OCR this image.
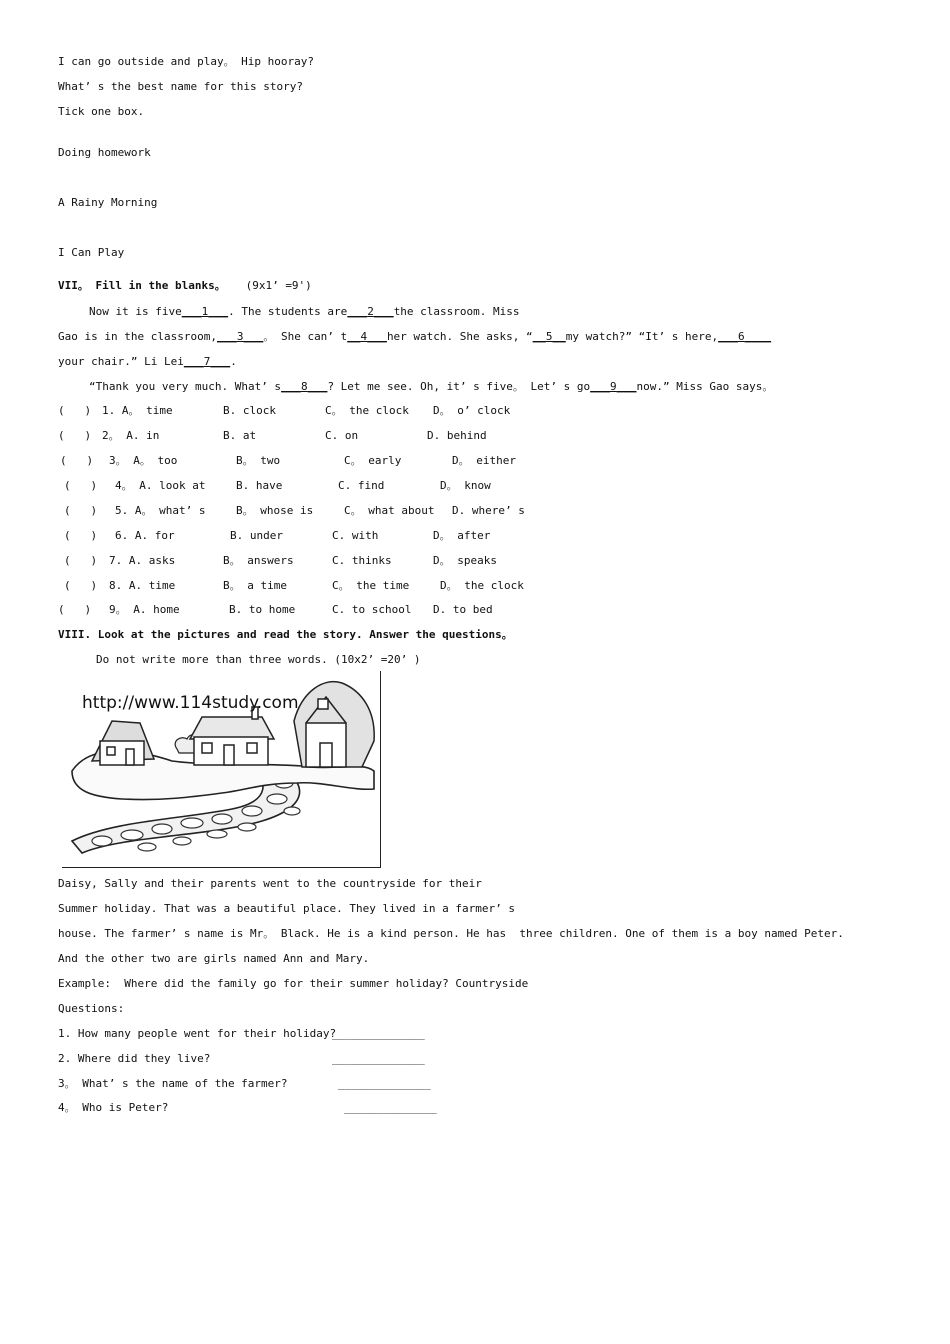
I can go outside and play。 Hip hooray?
What’ s the best name for this story?
Tick one box.
Doing homework
A Rainy Morning
I Can Play
VII。 Fill in the blanks。 (9x1’ =9')
Now it is five___1___. The students are___2___the classroom. Miss
Gao is in the classroom,___3___。 She can’ t__4___her watch. She asks, “__5__my watch?” “It’ s here,___6____
your chair.” Li Lei___7___.
“Thank you very much. What’ s___8___? Let me see. Oh, it’ s five。 Let’ s go___9___now.” Miss Gao says。
(   ) 1. A。 time	B. clock	C。 the clock D。 o’ clock
(   ) 2。 A. in	B. at	C. on	D. behind
(   ) 3。 A。 too	B。 two	C。 early	D。 either
(   ) 4。 A. look at	B. have	C. find	D。 know
(   ) 5. A。 what’ s	B。 whose is	C。 what about D. where’ s
(   ) 6. A. for	B. under	C. with	D。 after
(   ) 7. A. asks	B。 answers	C. thinks	D。 speaks
(   ) 8. A. time	B。 a time	C。 the time	D。 the clock
(   ) 9。 A. home	B. to home	C. to school D. to bed
VIII. Look at the pictures and read the story. Answer the questions。
Do not write more than three words. (10x2’ =20’ )
http://www.114study.com
Daisy, Sally and their parents went to the countryside for their
Summer holiday. That was a beautiful place. They lived in a farmer’ s
house. The farmer’ s name is Mr。 Black. He is a kind person. He has  three children. One of them is a boy named Peter.
And the other two are girls named Ann and Mary.
Example:  Where did the family go for their summer holiday? Countryside
Questions:
1. How many people went for their holiday?
______________
2. Where did they live?	______________
3。 What’ s the name of the farmer?	______________
4。 Who is Peter?	______________
